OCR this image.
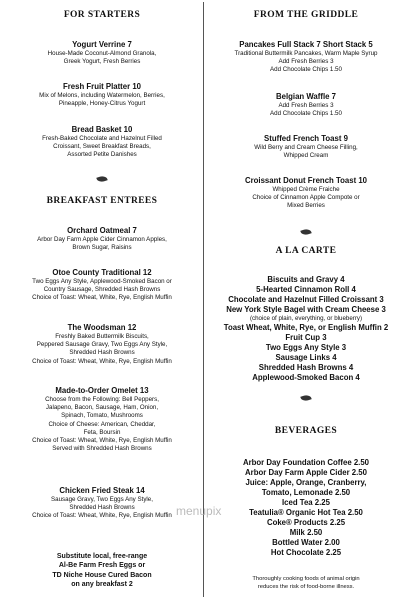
FOR STARTERS
Yogurt Verrine 7
House-Made Coconut-Almond Granola,
Greek Yogurt, Fresh Berries
Fresh Fruit Platter 10
Mix of Melons, including Watermelon, Berries,
Pineapple, Honey-Citrus Yogurt
Bread Basket 10
Fresh-Baked Chocolate and Hazelnut Filled
Croissant, Sweet Breakfast Breads,
Assorted Petite Danishes
BREAKFAST ENTREES
Orchard Oatmeal 7
Arbor Day Farm Apple Cider Cinnamon Apples,
Brown Sugar, Raisins
Otoe County Traditional 12
Two Eggs Any Style, Applewood-Smoked Bacon or
Country Sausage, Shredded Hash Browns
Choice of Toast: Wheat, White, Rye, English Muffin
The Woodsman 12
Freshly Baked Buttermilk Biscuits,
Peppered Sausage Gravy, Two Eggs Any Style,
Shredded Hash Browns
Choice of Toast: Wheat, White, Rye, English Muffin
Made-to-Order Omelet 13
Choose from the Following: Bell Peppers,
Jalapeno, Bacon, Sausage, Ham, Onion,
Spinach, Tomato, Mushrooms
Choice of Cheese: American, Cheddar,
Feta, Boursin
Choice of Toast: Wheat, White, Rye, English Muffin
Served with Shredded Hash Browns
Chicken Fried Steak 14
Sausage Gravy, Two Eggs Any Style,
Shredded Hash Browns
Choice of Toast: Wheat, White, Rye, English Muffin
Substitute local, free-range
Al-Be Farm Fresh Eggs or
TD Niche House Cured Bacon
on any breakfast 2
FROM THE GRIDDLE
Pancakes Full Stack 7 Short Stack 5
Traditional Buttermilk Pancakes, Warm Maple Syrup
Add Fresh Berries 3
Add Chocolate Chips 1.50
Belgian Waffle 7
Add Fresh Berries 3
Add Chocolate Chips 1.50
Stuffed French Toast 9
Wild Berry and Cream Cheese Filling,
Whipped Cream
Croissant Donut French Toast 10
Whipped Crème Fraiche
Choice of Cinnamon Apple Compote or
Mixed Berries
A LA CARTE
Biscuits and Gravy 4
5-Hearted Cinnamon Roll 4
Chocolate and Hazelnut Filled Croissant 3
New York Style Bagel with Cream Cheese 3
(choice of plain, everything, or blueberry)
Toast Wheat, White, Rye, or English Muffin 2
Fruit Cup 3
Two Eggs Any Style 3
Sausage Links 4
Shredded Hash Browns 4
Applewood-Smoked Bacon 4
BEVERAGES
Arbor Day Foundation Coffee 2.50
Arbor Day Farm Apple Cider 2.50
Juice: Apple, Orange, Cranberry,
Tomato, Lemonade 2.50
Iced Tea 2.25
Teatulia® Organic Hot Tea 2.50
Coke® Products 2.25
Milk 2.50
Bottled Water 2.00
Hot Chocolate 2.25
Thoroughly cooking foods of animal origin
reduces the risk of food-borne illness.
menupix
